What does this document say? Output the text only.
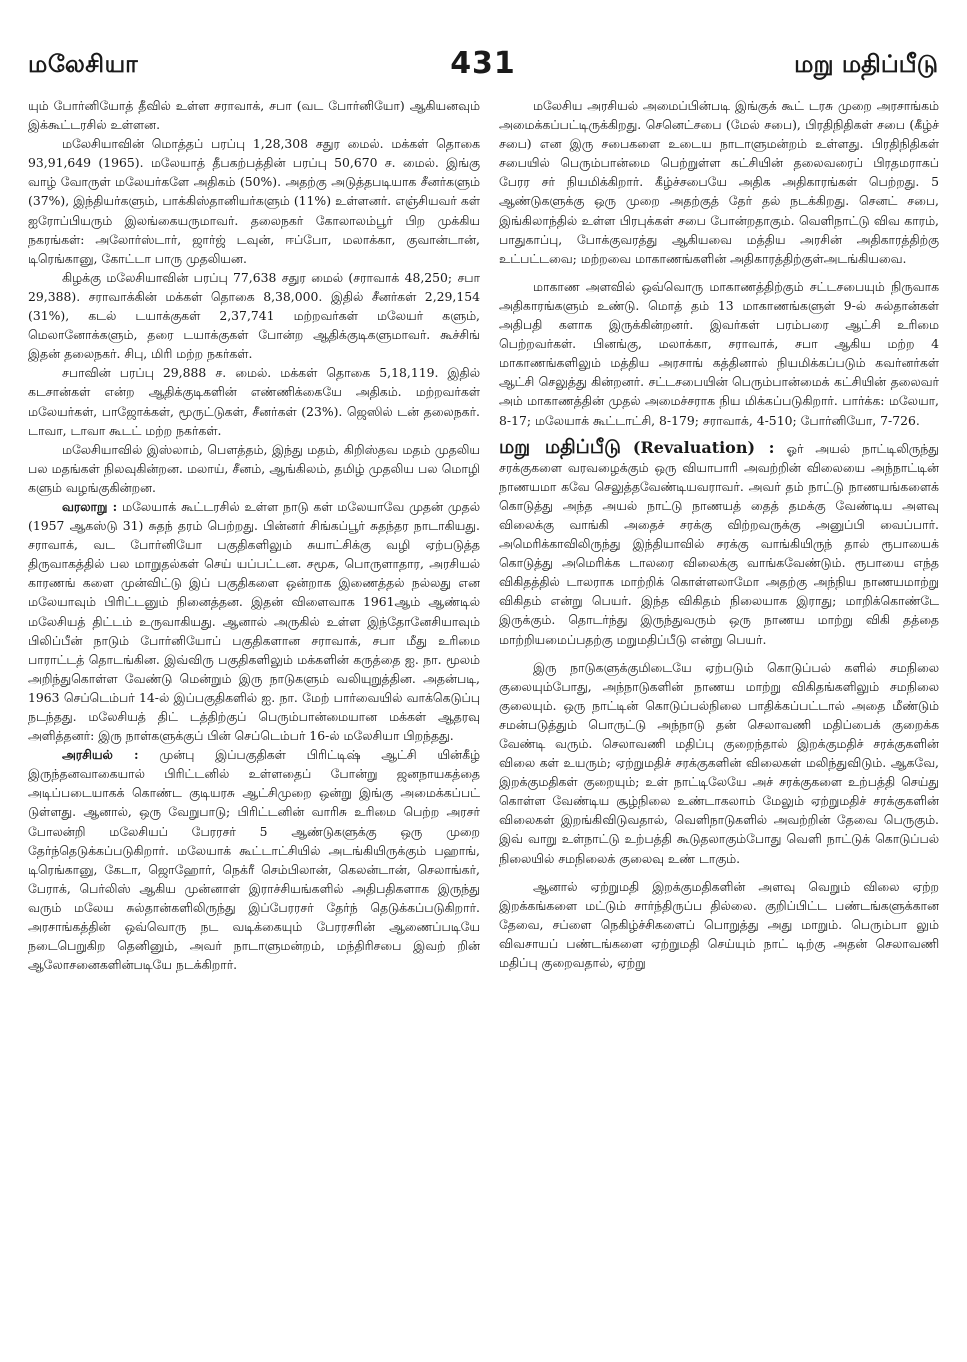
மலேசியா	431	மறு மதிப்பீடு

யும் போர்னியோத் தீவில் உள்ள சராவாக், சபா (வட போர்னியோ) ஆகியனவும் இக்கூட்டரசில் உள்ளன.

மலேசியாவின் மொத்தப் பரப்பு 1,28,308 சதுர மைல். மக்கள் தொகை 93,91,649 (1965). மலேயாத் தீபகற்பத்தின் பரப்பு 50,670 ச. மைல். இங்கு வாழ் வோருள் மலேயர்களே அதிகம் (50%). அதற்கு அடுத்தபடியாக சீனர்களும் (37%), இந்தியர்களும், பாக்கிஸ்தானியர்களும் (11%) உள்ளனர். எஞ்சியவர் கள் ஐரோப்பியரும் இலங்கையருமாவர். தலைநகர் கோலாலம்பூர் பிற முக்கிய நகரங்கள்: அலோர்ஸ்டார், ஜார்ஜ் டவுன், ஈப்போ, மலாக்கா, குவான்டான், டிரெங்கானு, கோட்டா பாரு முதலியன.

கிழக்கு மலேசியாவின் பரப்பு 77,638 சதுர மைல் (சராவாக் 48,250; சபா 29,388). சராவாக்கின் மக்கள் தொகை 8,38,000. இதில் சீனர்கள் 2,29,154 (31%), கடல் டயாக்குகள் 2,37,741 மற்றவர்கள் மலேயர் களும், மெலானோக்களும், தரை டயாக்குகள் போன்ற ஆதிக்குடிகளுமாவர். கூச்சிங் இதன் தலைநகர். சிபு, மிரி மற்ற நகர்கள்.

சபாவின் பரப்பு 29,888 ச. மைல். மக்கள் தொகை 5,18,119. இதில் கடசான்கள் என்ற ஆதிக்குடிகளின் எண்ணிக்கையே அதிகம். மற்றவர்கள் மலேயர்கள், பாஜோக்கள், மூருட்டுகள், சீனர்கள் (23%). ஜெஸில் டன் தலைநகர். டாவா, டாவா கூடட் மற்ற நகர்கள்.

மலேசியாவில் இஸ்லாம், பௌத்தம், இந்து மதம், கிறிஸ்தவ மதம் முதலிய பல மதங்கள் நிலவுகின்றன. மலாய், சீனம், ஆங்கிலம், தமிழ் முதலிய பல மொழி களும் வழங்குகின்றன.

வரலாறு : மலேயாக் கூட்டரசில் உள்ள நாடு கள் மலேயாவே முதன் முதல் (1957 ஆகஸ்டு 31) சுதந் தரம் பெற்றது. பின்னர் சிங்கப்பூர் சுதந்தர நாடாகியது. சராவாக், வட போர்னியோ பகுதிகளிலும் சுயாட்சிக்கு வழி ஏற்படுத்த திருவாகத்தில் பல மாறுதல்கள் செய் யப்பட்டன. சமூக, பொருளாதார, அரசியல் காரணங் களை முன்விட்டு இப் பகுதிகளை ஒன்றாக இணைத்தல் நல்லது என மலேயாவும் பிரிட்டனும் நினைத்தன. இதன் விளைவாக 1961ஆம் ஆண்டில் மலேசியத் திட்டம் உருவாகியது. ஆனால் அருகில் உள்ள இந்தோனேசியாவும் பிலிப்பீன் நாடும் போர்னியோப் பகுதிகளான சராவாக், சபா மீது உரிமை பாராட்டத் தொடங்கின. இவ்விரு பகுதிகளிலும் மக்களின் கருத்தை ஐ. நா. மூலம் அறிந்துகொள்ள வேண்டு மென்றும் இரு நாடுகளும் வலியுறுத்தின. அதன்படி, 1963 செப்டெம்பர் 14-ல் இப்பகுதிகளில் ஐ. நா. மேற் பார்வையில் வாக்கெடுப்பு நடந்தது. மலேசியத் திட் டத்திற்குப் பெரும்பான்மையான மக்கள் ஆதரவு அளித்தனர்: இரு நாள்களுக்குப் பின் செப்டெம்பர் 16-ல் மலேசியா பிறந்தது.

அரசியல் : முன்பு இப்பகுதிகள் பிரிட்டிஷ் ஆட்சி யின்கீழ் இருந்தனவாகையால் பிரிட்டனில் உள்ளதைப் போன்று ஜனநாயகத்தை அடிப்படையாகக் கொண்ட குடியரசு ஆட்சிமுறை ஒன்று இங்கு அமைக்கப்பட் டுள்ளது. ஆனால், ஒரு வேறுபாடு; பிரிட்டனின் வாரிசு உரிமை பெற்ற அரசர் போலன்றி மலேசியப் பேரரசர் 5 ஆண்டுகளுக்கு ஒரு முறை தேர்ந்தெடுக்கப்படுகிறார். மலேயாக் கூட்டாட்சியில் அடங்கியிருக்கும் பஹாங், டிரெங்கானு, கேடா, ஜொஹோர், நெக்ரீ செம்பிலான், கெலன்டான், செலாங்கர், பேராக், பெர்லிஸ் ஆகிய முன்னாள் இராச்சியங்களில் அதிபதிகளாக இருந்து வரும் மலேய சுல்தான்களிலிருந்து இப்பேரரசர் தேர்ந் தெடுக்கப்படுகிறார். அரசாங்கத்தின் ஒவ்வொரு நட வடிக்கையும் பேரரசரின் ஆணைப்படியே நடைபெறுகிற தெனினும், அவர் நாடாளுமன்றம், மந்திரிசபை இவற் றின் ஆலோசனைகளின்படியே நடக்கிறார்.

மலேசிய அரசியல் அமைப்பின்படி இங்குக் கூட் டரசு முறை அரசாங்கம் அமைக்கப்பட்டிருக்கிறது. செனெட்சபை (மேல் சபை), பிரதிநிதிகள் சபை (கீழ்ச் சபை) என இரு சபைகளை உடைய நாடாளுமன்றம் உள்ளது. பிரதிநிதிகள் சபையில் பெரும்பான்மை பெற்றுள்ள கட்சியின் தலைவரைப் பிரதமராகப் பேரர சர் நியமிக்கிறார். கீழ்ச்சபையே அதிக அதிகாரங்கள் பெற்றது. 5 ஆண்டுகளுக்கு ஒரு முறை அதற்குத் தேர் தல் நடக்கிறது. செனட் சபை, இங்கிலாந்தில் உள்ள பிரபுக்கள் சபை போன்றதாகும். வெளிநாட்டு விவ காரம், பாதுகாப்பு, போக்குவரத்து ஆகியவை மத்திய அரசின் அதிகாரத்திற்கு உட்பட்டவை; மற்றவை மாகாணங்களின் அதிகாரத்திற்குள்அடங்கியவை.

மாகாண அளவில் ஒவ்வொரு மாகாணத்திற்கும் சட்டசபையும் நிருவாக அதிகாரங்களும் உண்டு. மொத் தம் 13 மாகாணங்களுள் 9-ல் சுல்தான்கள் அதிபதி களாக இருக்கின்றனர். இவர்கள் பரம்பரை ஆட்சி உரிமை பெற்றவர்கள். பினங்கு, மலாக்கா, சராவாக், சபா ஆகிய மற்ற 4 மாகாணங்களிலும் மத்திய அரசாங் கத்தினால் நியமிக்கப்படும் கவர்னர்கள் ஆட்சி செலுத்து கின்றனர். சட்டசபையின் பெரும்பான்மைக் கட்சியின் தலைவர் அம் மாகாணத்தின் முதல் அமைச்சராக நிய மிக்கப்படுகிறார். பார்க்க: மலேயா, 8-17; மலேயாக் கூட்டாட்சி, 8-179; சராவாக், 4-510; போர்னியோ, 7-726.

மறு மதிப்பீடு (Revaluation) : ஓர் அயல் நாட்டிலிருந்து சரக்குகளை வரவழைக்கும் ஒரு வியாபாரி அவற்றின் விலையை அந்நாட்டின் நாணயமா கவே செலுத்தவேண்டியவராவர். அவர் தம் நாட்டு நாணயங்களைக் கொடுத்து அந்த அயல் நாட்டு நாணயத் தைத் தமக்கு வேண்டிய அளவு விலைக்கு வாங்கி அதைச் சரக்கு விற்றவருக்கு அனுப்பி வைப்பார். அமெரிக்காவிலிருந்து இந்தியாவில் சரக்கு வாங்கியிருந் தால் ரூபாயைக் கொடுத்து அமெரிக்க டாலரை விலைக்கு வாங்கவேண்டும். ரூபாயை எந்த விகிதத்தில் டாலராக மாற்றிக் கொள்ளலாமோ அதற்கு அந்நிய நாணயமாற்று விகிதம் என்று பெயர். இந்த விகிதம் நிலையாக இராது; மாறிக்கொண்டே இருக்கும். தொடர்ந்து இருந்துவரும் ஒரு நாணய மாற்று விகி தத்தை மாற்றியமைப்பதற்கு மறுமதிப்பீடு என்று பெயர்.

இரு நாடுகளுக்குமிடையே ஏற்படும் கொடுப்பல் களில் சமநிலை குலையும்போது, அந்நாடுகளின் நாணய மாற்று விகிதங்களிலும் சமநிலை குலையும். ஒரு நாட்டின் கொடுப்பல்நிலை பாதிக்கப்பட்டால் அதை மீண்டும் சமன்படுத்தும் பொருட்டு அந்நாடு தன் செலாவணி மதிப்பைக் குறைக்க வேண்டி வரும். செலாவணி மதிப்பு குறைந்தால் இறக்குமதிச் சரக்குகளின் விலை கள் உயரும்; ஏற்றுமதிச் சரக்குகளின் விலைகள் மலிந்துவிடும். ஆகவே, இறக்குமதிகள் குறையும்; உள் நாட்டிலேயே அச் சரக்குகளை உற்பத்தி செய்து கொள்ள வேண்டிய சூழ்நிலை உண்டாகலாம் மேலும் ஏற்றுமதிச் சரக்குகளின் விலைகள் இறங்கிவிடுவதால், வெளிநாடுகளில் அவற்றின் தேவை பெருகும். இவ் வாறு உள்நாட்டு உற்பத்தி கூடுதலாகும்போது வெளி நாட்டுக் கொடுப்பல் நிலையில் சமநிலைக் குலைவு உண் டாகும்.

ஆனால் ஏற்றுமதி இறக்குமதிகளின் அளவு வெறும் விலை ஏற்ற இறக்கங்களை மட்டும் சார்ந்திருப்ப தில்லை. குறிப்பிட்ட பண்டங்களுக்கான தேவை, சப்ளை நெகிழ்ச்சிகளைப் பொறுத்து அது மாறும். பெரும்பா லும் விவசாயப் பண்டங்களை ஏற்றுமதி செய்யும் நாட் டிற்கு அதன் செலாவணி மதிப்பு குறைவதால், ஏற்று
